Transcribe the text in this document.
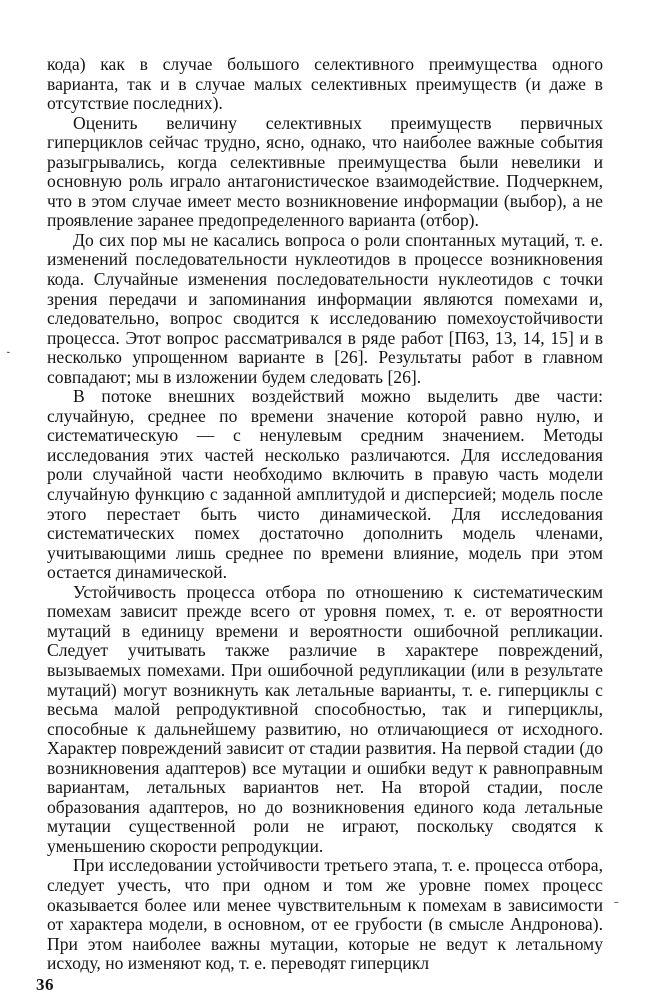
кода) как в случае большого селективного преимущества одного варианта, так и в случае малых селективных преимуществ (и даже в отсутствие последних).

Оценить величину селективных преимуществ первичных гиперциклов сейчас трудно, ясно, однако, что наиболее важные события разыгрывались, когда селективные преимущества были невелики и основную роль играло антагонистическое взаимодействие. Подчеркнем, что в этом случае имеет место возникновение информации (выбор), а не проявление заранее предопределенного варианта (отбор).

До сих пор мы не касались вопроса о роли спонтанных мутаций, т. е. изменений последовательности нуклеотидов в процессе возникновения кода. Случайные изменения последовательности нуклеотидов с точки зрения передачи и запоминания информации являются помехами и, следовательно, вопрос сводится к исследованию помехоустойчивости процесса. Этот вопрос рассматривался в ряде работ [П63, 13, 14, 15] и в несколько упрощенном варианте в [26]. Результаты работ в главном совпадают; мы в изложении будем следовать [26].

В потоке внешних воздействий можно выделить две части: случайную, среднее по времени значение которой равно нулю, и систематическую — с ненулевым средним значением. Методы исследования этих частей несколько различаются. Для исследования роли случайной части необходимо включить в правую часть модели случайную функцию с заданной амплитудой и дисперсией; модель после этого перестает быть чисто динамической. Для исследования систематических помех достаточно дополнить модель членами, учитывающими лишь среднее по времени влияние, модель при этом остается динамической.

Устойчивость процесса отбора по отношению к систематическим помехам зависит прежде всего от уровня помех, т. е. от вероятности мутаций в единицу времени и вероятности ошибочной репликации. Следует учитывать также различие в характере повреждений, вызываемых помехами. При ошибочной редупликации (или в результате мутаций) могут возникнуть как летальные варианты, т. е. гиперциклы с весьма малой репродуктивной способностью, так и гиперциклы, способные к дальнейшему развитию, но отличающиеся от исходного. Характер повреждений зависит от стадии развития. На первой стадии (до возникновения адаптеров) все мутации и ошибки ведут к равноправным вариантам, летальных вариантов нет. На второй стадии, после образования адаптеров, но до возникновения единого кода летальные мутации существенной роли не играют, поскольку сводятся к уменьшению скорости репродукции.

При исследовании устойчивости третьего этапа, т. е. процесса отбора, следует учесть, что при одном и том же уровне помех процесс оказывается более или менее чувствительным к помехам в зависимости от характера модели, в основном, от ее грубости (в смысле Андронова). При этом наиболее важны мутации, которые не ведут к летальному исходу, но изменяют код, т. е. переводят гиперцикл

ˏ
˗
36
